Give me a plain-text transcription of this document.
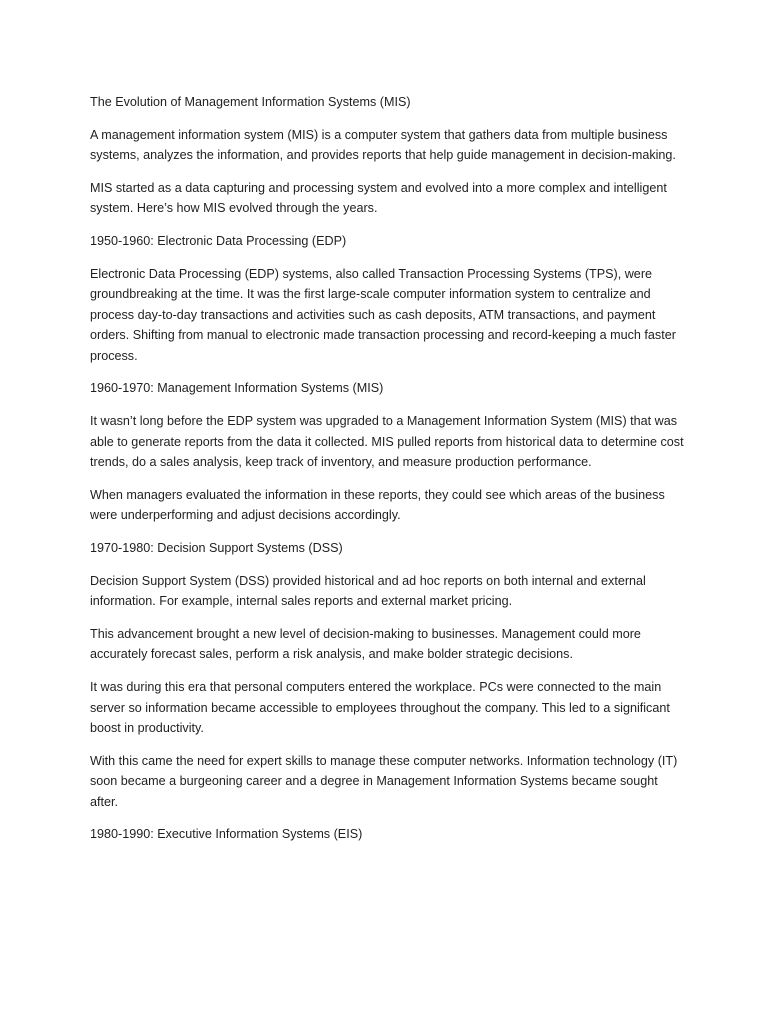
The Evolution of Management Information Systems (MIS)

A management information system (MIS) is a computer system that gathers data from multiple business systems, analyzes the information, and provides reports that help guide management in decision-making.

MIS started as a data capturing and processing system and evolved into a more complex and intelligent system. Here’s how MIS evolved through the years.

1950-1960: Electronic Data Processing (EDP)

Electronic Data Processing (EDP) systems, also called Transaction Processing Systems (TPS), were groundbreaking at the time. It was the first large-scale computer information system to centralize and process day-to-day transactions and activities such as cash deposits, ATM transactions, and payment orders. Shifting from manual to electronic made transaction processing and record-keeping a much faster process.

1960-1970: Management Information Systems (MIS)

It wasn’t long before the EDP system was upgraded to a Management Information System (MIS) that was able to generate reports from the data it collected. MIS pulled reports from historical data to determine cost trends, do a sales analysis, keep track of inventory, and measure production performance.

When managers evaluated the information in these reports, they could see which areas of the business were underperforming and adjust decisions accordingly.

1970-1980: Decision Support Systems (DSS)

Decision Support System (DSS) provided historical and ad hoc reports on both internal and external information. For example, internal sales reports and external market pricing.

This advancement brought a new level of decision-making to businesses. Management could more accurately forecast sales, perform a risk analysis, and make bolder strategic decisions.

It was during this era that personal computers entered the workplace. PCs were connected to the main server so information became accessible to employees throughout the company. This led to a significant boost in productivity.

With this came the need for expert skills to manage these computer networks. Information technology (IT) soon became a burgeoning career and a degree in Management Information Systems became sought after.

1980-1990: Executive Information Systems (EIS)
